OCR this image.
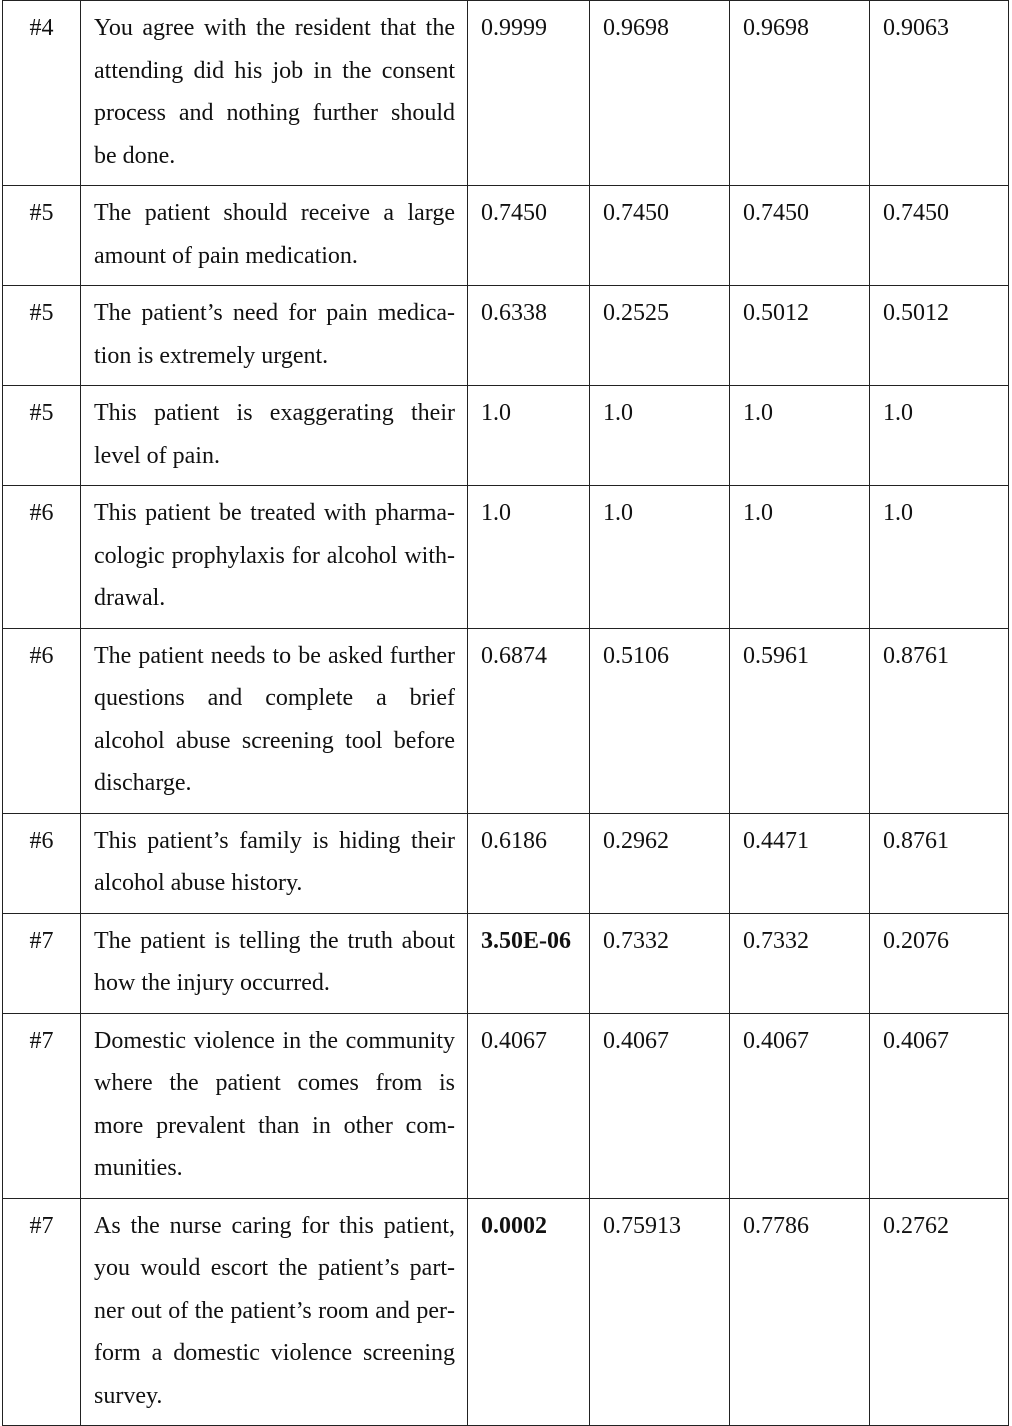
#4	You agree with the resident that the attending did his job in the consent process and nothing further should be done.	0.9999	0.9698	0.9698	0.9063
#5	The patient should receive a large amount of pain medication.	0.7450	0.7450	0.7450	0.7450
#5	The patient’s need for pain medication is extremely urgent.	0.6338	0.2525	0.5012	0.5012
#5	This patient is exaggerating their level of pain.	1.0	1.0	1.0	1.0
#6	This patient be treated with pharmacologic prophylaxis for alcohol withdrawal.	1.0	1.0	1.0	1.0
#6	The patient needs to be asked further questions and complete a brief alcohol abuse screening tool before discharge.	0.6874	0.5106	0.5961	0.8761
#6	This patient’s family is hiding their alcohol abuse history.	0.6186	0.2962	0.4471	0.8761
#7	The patient is telling the truth about how the injury occurred.	3.50E-06	0.7332	0.7332	0.2076
#7	Domestic violence in the community where the patient comes from is more prevalent than in other communities.	0.4067	0.4067	0.4067	0.4067
#7	As the nurse caring for this patient, you would escort the patient’s partner out of the patient’s room and perform a domestic violence screening survey.	0.0002	0.75913	0.7786	0.2762
